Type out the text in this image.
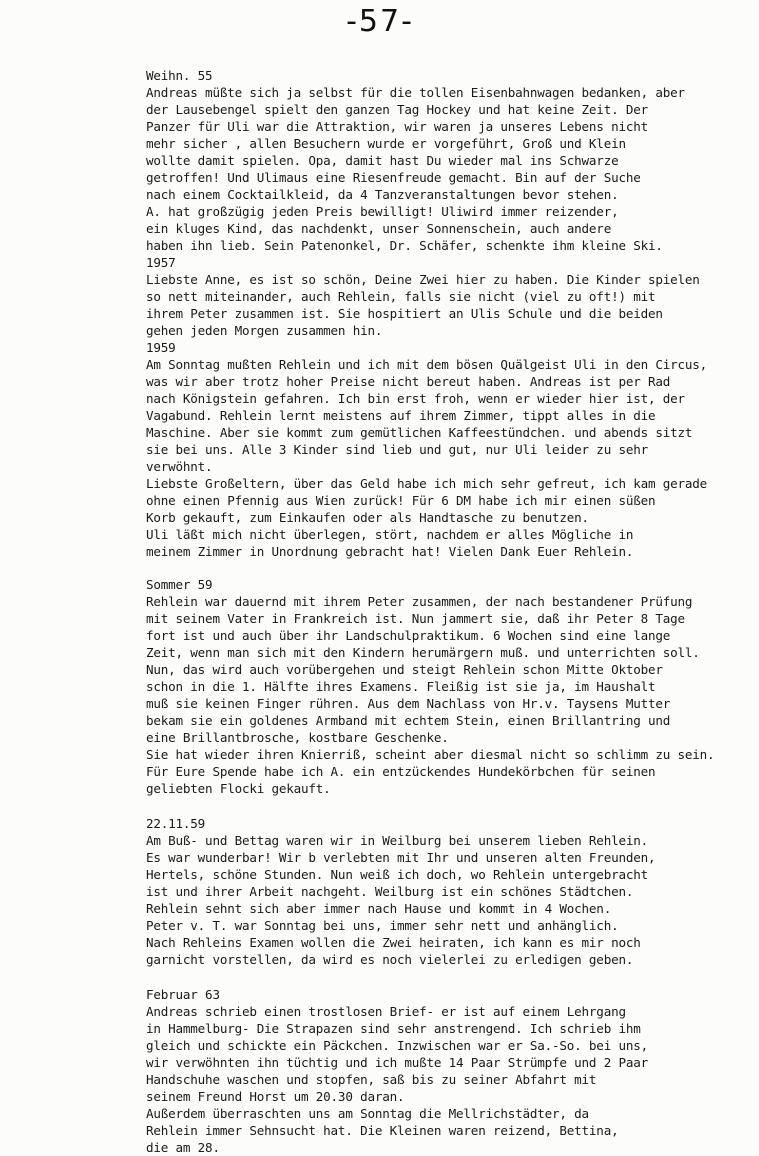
-57-
Weihn. 55
Andreas müßte sich ja selbst für die tollen Eisenbahnwagen bedanken, aber
der Lausebengel spielt den ganzen Tag Hockey und hat keine Zeit. Der
Panzer für Uli war die Attraktion, wir waren ja unseres Lebens nicht
mehr sicher , allen Besuchern wurde er vorgeführt, Groß und Klein
wollte damit spielen. Opa, damit hast Du wieder mal ins Schwarze
getroffen! Und Ulimaus eine Riesenfreude gemacht. Bin auf der Suche
nach einem Cocktailkleid, da 4 Tanzveranstaltungen bevor stehen.
A. hat großzügig jeden Preis bewilligt! Uliwird immer reizender,
ein kluges Kind, das nachdenkt, unser Sonnenschein, auch andere
haben ihn lieb. Sein Patenonkel, Dr. Schäfer, schenkte ihm kleine Ski.
1957
Liebste Anne, es ist so schön, Deine Zwei hier zu haben. Die Kinder spielen
so nett miteinander, auch Rehlein, falls sie nicht (viel zu oft!) mit
ihrem Peter zusammen ist. Sie hospitiert an Ulis Schule und die beiden
gehen jeden Morgen zusammen hin.
1959
Am Sonntag mußten Rehlein und ich mit dem bösen Quälgeist Uli in den Circus,
was wir aber trotz hoher Preise nicht bereut haben. Andreas ist per Rad
nach Königstein gefahren. Ich bin erst froh, wenn er wieder hier ist, der
Vagabund. Rehlein lernt meistens auf ihrem Zimmer, tippt alles in die
Maschine. Aber sie kommt zum gemütlichen Kaffeestündchen. und abends sitzt
sie bei uns. Alle 3 Kinder sind lieb und gut, nur Uli leider zu sehr
verwöhnt.
Liebste Großeltern, über das Geld habe ich mich sehr gefreut, ich kam gerade
ohne einen Pfennig aus Wien zurück! Für 6 DM habe ich mir einen süßen
Korb gekauft, zum Einkaufen oder als Handtasche zu benutzen.
Uli läßt mich nicht überlegen, stört, nachdem er alles Mögliche in
meinem Zimmer in Unordnung gebracht hat! Vielen Dank Euer Rehlein.
Sommer 59
Rehlein war dauernd mit ihrem Peter zusammen, der nach bestandener Prüfung
mit seinem Vater in Frankreich ist. Nun jammert sie, daß ihr Peter 8 Tage
fort ist und auch über ihr Landschulpraktikum. 6 Wochen sind eine lange
Zeit, wenn man sich mit den Kindern herumärgern muß. und unterrichten soll.
Nun, das wird auch vorübergehen und steigt Rehlein schon Mitte Oktober
schon in die 1. Hälfte ihres Examens. Fleißig ist sie ja, im Haushalt
muß sie keinen Finger rühren. Aus dem Nachlass von Hr.v. Taysens Mutter
bekam sie ein goldenes Armband mit echtem Stein, einen Brillantring und
eine Brillantbrosche, kostbare Geschenke.
Sie hat wieder ihren Knierriß, scheint aber diesmal nicht so schlimm zu sein.
Für Eure Spende habe ich A. ein entzückendes Hundekörbchen für seinen
geliebten Flocki gekauft.
22.11.59
Am Buß- und Bettag waren wir in Weilburg bei unserem lieben Rehlein.
Es war wunderbar! Wir b verlebten mit Ihr und unseren alten Freunden,
Hertels, schöne Stunden. Nun weiß ich doch, wo Rehlein untergebracht
ist und ihrer Arbeit nachgeht. Weilburg ist ein schönes Städtchen.
Rehlein sehnt sich aber immer nach Hause und kommt in 4 Wochen.
Peter v. T. war Sonntag bei uns, immer sehr nett und anhänglich.
Nach Rehleins Examen wollen die Zwei heiraten, ich kann es mir noch
garnicht vorstellen, da wird es noch vielerlei zu erledigen geben.
Februar 63
Andreas schrieb einen trostlosen Brief- er ist auf einem Lehrgang
in Hammelburg- Die Strapazen sind sehr anstrengend. Ich schrieb ihm
gleich und schickte ein Päckchen. Inzwischen war er Sa.-So. bei uns,
wir verwöhnten ihn tüchtig und ich mußte 14 Paar Strümpfe und 2 Paar
Handschuhe waschen und stopfen, saß bis zu seiner Abfahrt mit
seinem Freund Horst um 20.30 daran.
Außerdem überraschten uns am Sonntag die Mellrichstädter, da
Rehlein immer Sehnsucht hat. Die Kleinen waren reizend, Bettina,
die am 28.
